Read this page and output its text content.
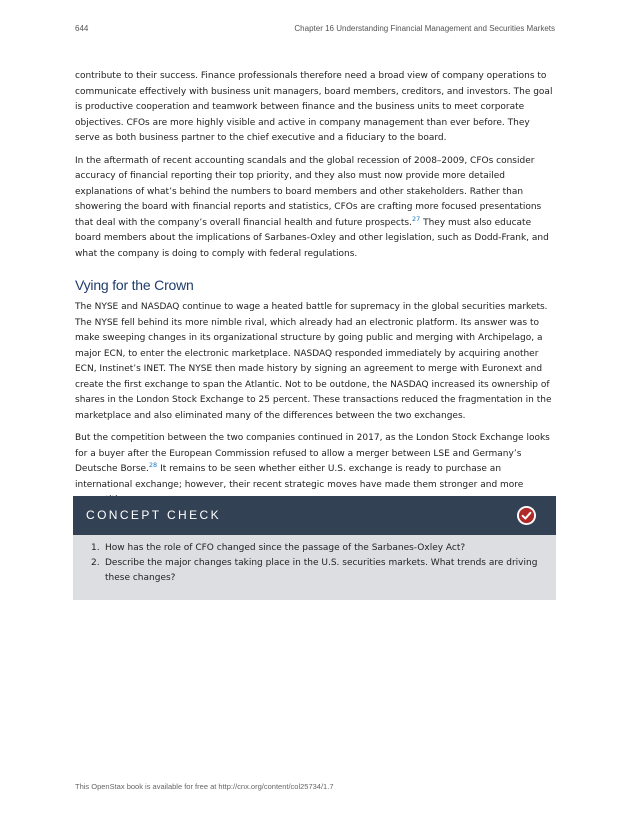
644	Chapter 16 Understanding Financial Management and Securities Markets

contribute to their success. Finance professionals therefore need a broad view of company operations to communicate effectively with business unit managers, board members, creditors, and investors. The goal is productive cooperation and teamwork between finance and the business units to meet corporate objectives. CFOs are more highly visible and active in company management than ever before. They serve as both business partner to the chief executive and a fiduciary to the board.

In the aftermath of recent accounting scandals and the global recession of 2008–2009, CFOs consider accuracy of financial reporting their top priority, and they also must now provide more detailed explanations of what’s behind the numbers to board members and other stakeholders. Rather than showering the board with financial reports and statistics, CFOs are crafting more focused presentations that deal with the company’s overall financial health and future prospects.$^{27}$ They must also educate board members about the implications of Sarbanes-Oxley and other legislation, such as Dodd-Frank, and what the company is doing to comply with federal regulations.

Vying for the Crown

The NYSE and NASDAQ continue to wage a heated battle for supremacy in the global securities markets. The NYSE fell behind its more nimble rival, which already had an electronic platform. Its answer was to make sweeping changes in its organizational structure by going public and merging with Archipelago, a major ECN, to enter the electronic marketplace. NASDAQ responded immediately by acquiring another ECN, Instinet’s INET. The NYSE then made history by signing an agreement to merge with Euronext and create the first exchange to span the Atlantic. Not to be outdone, the NASDAQ increased its ownership of shares in the London Stock Exchange to 25 percent. These transactions reduced the fragmentation in the marketplace and also eliminated many of the differences between the two exchanges.

But the competition between the two companies continued in 2017, as the London Stock Exchange looks for a buyer after the European Commission refused to allow a merger between LSE and Germany’s Deutsche Borse.$^{28}$ It remains to be seen whether either U.S. exchange is ready to purchase an international exchange; however, their recent strategic moves have made them stronger and more

CONCEPT CHECK
1. How has the role of CFO changed since the passage of the Sarbanes-Oxley Act?
2. Describe the major changes taking place in the U.S. securities markets. What trends are driving these changes?
This OpenStax book is available for free at http://cnx.org/content/col25734/1.7
